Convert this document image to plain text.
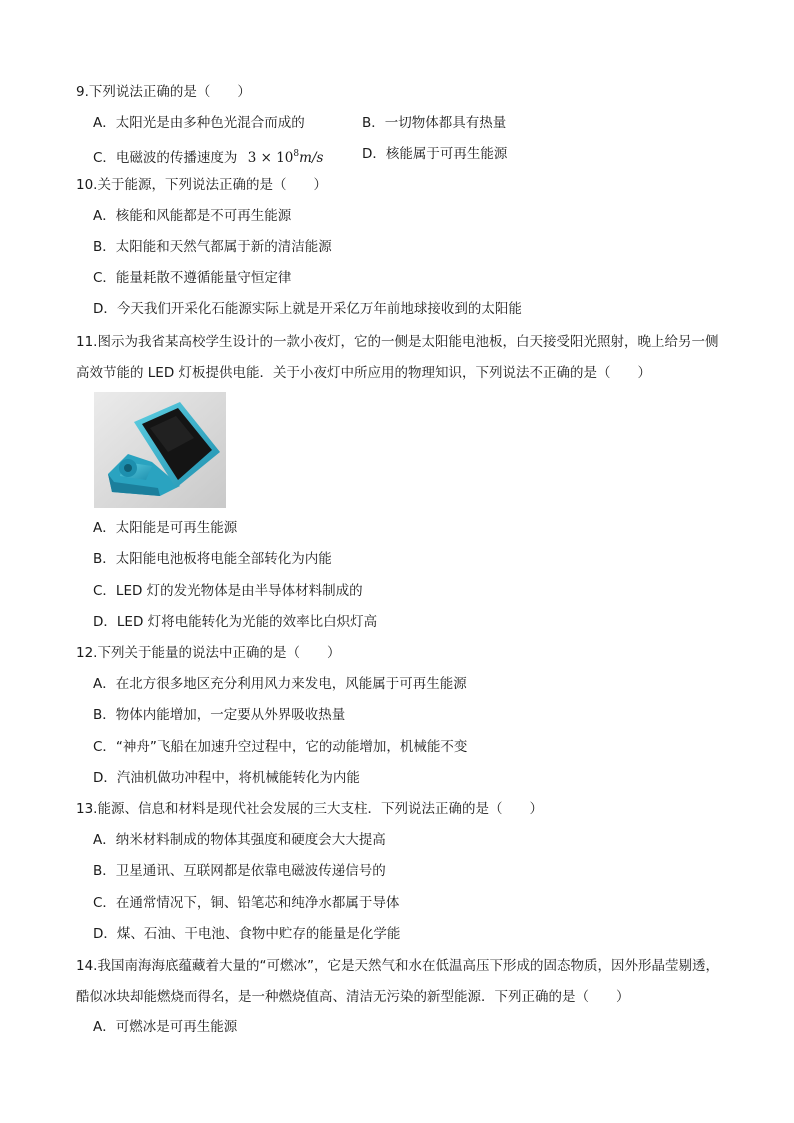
9.下列说法正确的是（　　）
A．太阳光是由多种色光混合而成的	B．一切物体都具有热量
C．电磁波的传播速度为 $3 \times 10^8m/s$	D．核能属于可再生能源
10.关于能源，下列说法正确的是（　　）
A．核能和风能都是不可再生能源
B．太阳能和天然气都属于新的清洁能源
C．能量耗散不遵循能量守恒定律
D．今天我们开采化石能源实际上就是开采亿万年前地球接收到的太阳能
11.图示为我省某高校学生设计的一款小夜灯，它的一侧是太阳能电池板，白天接受阳光照射，晚上给另一侧高效节能的 LED 灯板提供电能．关于小夜灯中所应用的物理知识，下列说法不正确的是（　　）
A．太阳能是可再生能源
B．太阳能电池板将电能全部转化为内能
C．LED 灯的发光物体是由半导体材料制成的
D．LED 灯将电能转化为光能的效率比白炽灯高
12.下列关于能量的说法中正确的是（　　）
A．在北方很多地区充分利用风力来发电，风能属于可再生能源
B．物体内能增加，一定要从外界吸收热量
C．“神舟”飞船在加速升空过程中，它的动能增加，机械能不变
D．汽油机做功冲程中，将机械能转化为内能
13.能源、信息和材料是现代社会发展的三大支柱．下列说法正确的是（　　）
A．纳米材料制成的物体其强度和硬度会大大提高
B．卫星通讯、互联网都是依靠电磁波传递信号的
C．在通常情况下，铜、铅笔芯和纯净水都属于导体
D．煤、石油、干电池、食物中贮存的能量是化学能
14.我国南海海底蕴藏着大量的“可燃冰”，它是天然气和水在低温高压下形成的固态物质，因外形晶莹剔透，酷似冰块却能燃烧而得名，是一种燃烧值高、清洁无污染的新型能源．下列正确的是（　　）
A．可燃冰是可再生能源
